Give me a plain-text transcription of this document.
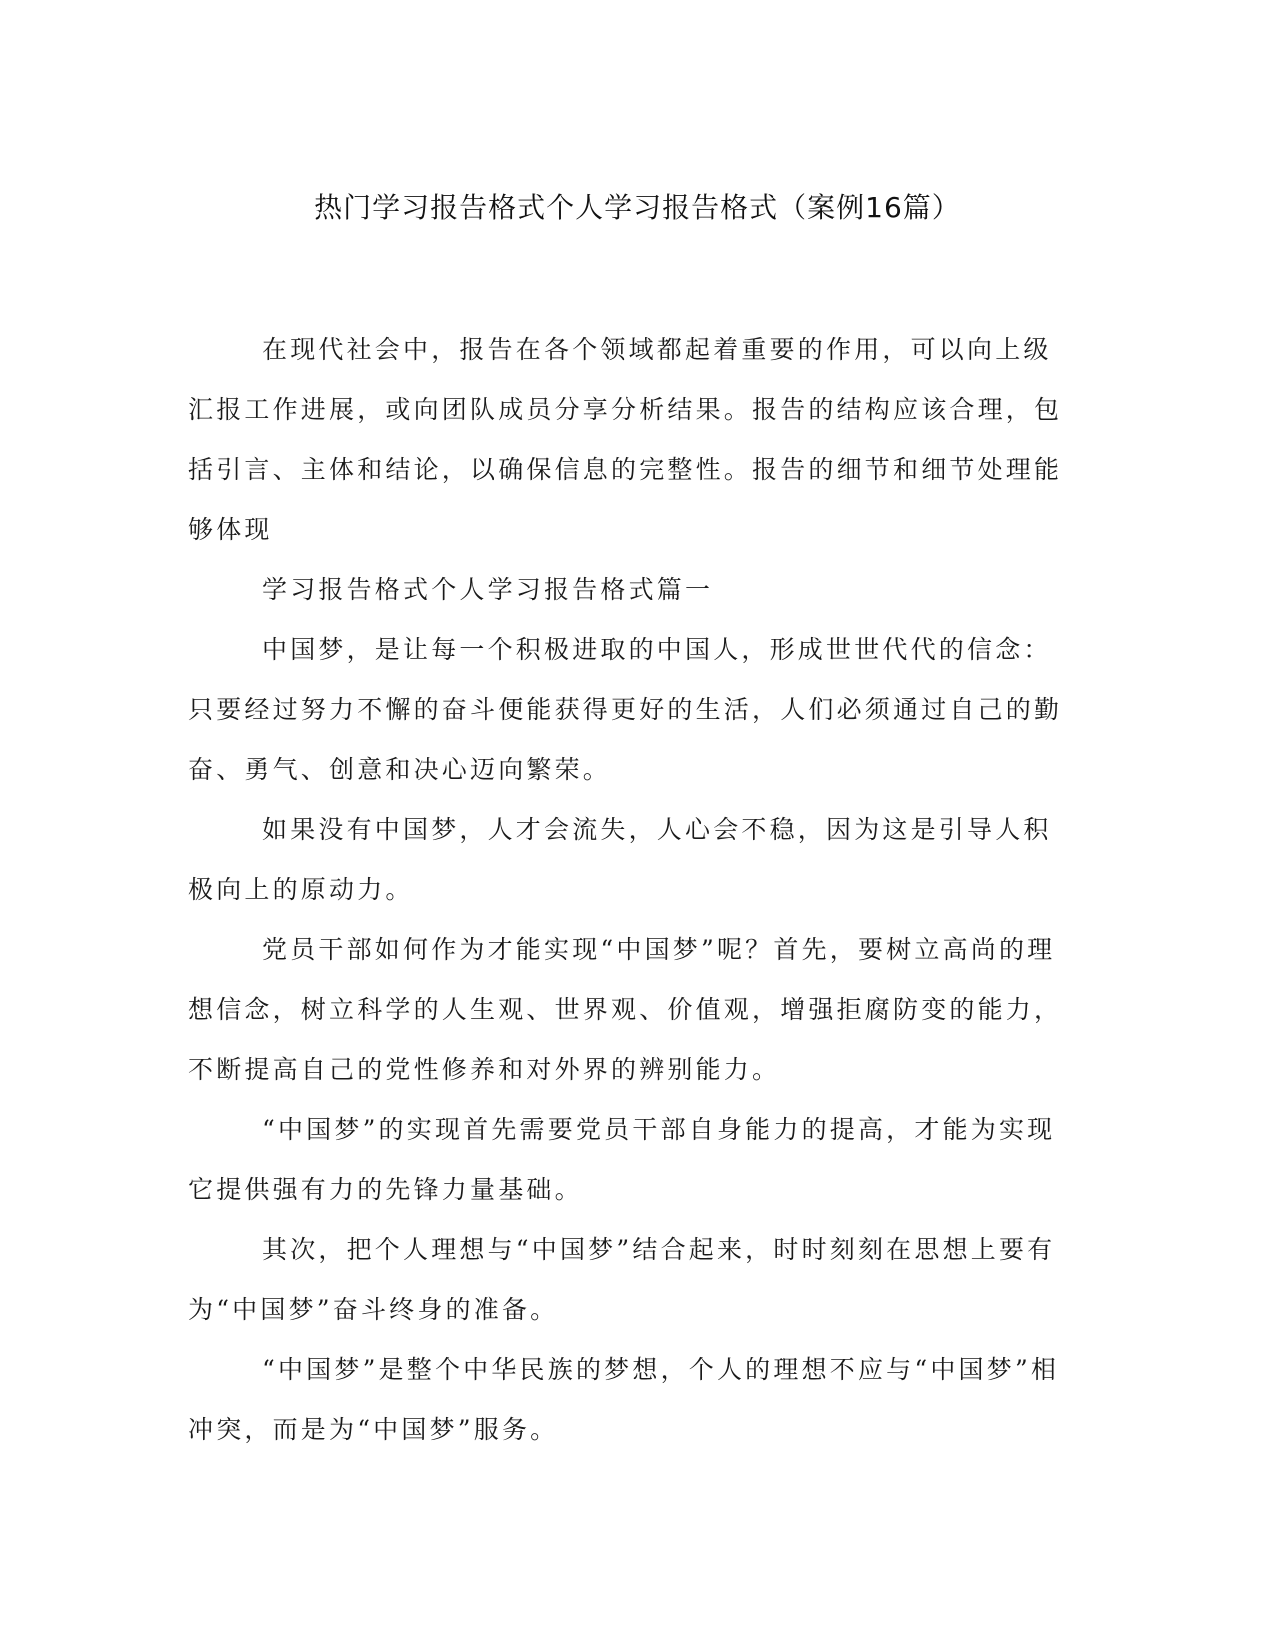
热门学习报告格式个人学习报告格式（案例16篇）

在现代社会中，报告在各个领域都起着重要的作用，可以向上级汇报工作进展，或向团队成员分享分析结果。报告的结构应该合理，包括引言、主体和结论，以确保信息的完整性。报告的细节和细节处理能够体现

学习报告格式个人学习报告格式篇一

中国梦，是让每一个积极进取的中国人，形成世世代代的信念：只要经过努力不懈的奋斗便能获得更好的生活，人们必须通过自己的勤奋、勇气、创意和决心迈向繁荣。

如果没有中国梦，人才会流失，人心会不稳，因为这是引导人积极向上的原动力。

党员干部如何作为才能实现“中国梦”呢？首先，要树立高尚的理想信念，树立科学的人生观、世界观、价值观，增强拒腐防变的能力，不断提高自己的党性修养和对外界的辨别能力。

“中国梦”的实现首先需要党员干部自身能力的提高，才能为实现它提供强有力的先锋力量基础。

其次，把个人理想与“中国梦”结合起来，时时刻刻在思想上要有为“中国梦”奋斗终身的准备。

“中国梦”是整个中华民族的梦想，个人的理想不应与“中国梦”相冲突，而是为“中国梦”服务。
